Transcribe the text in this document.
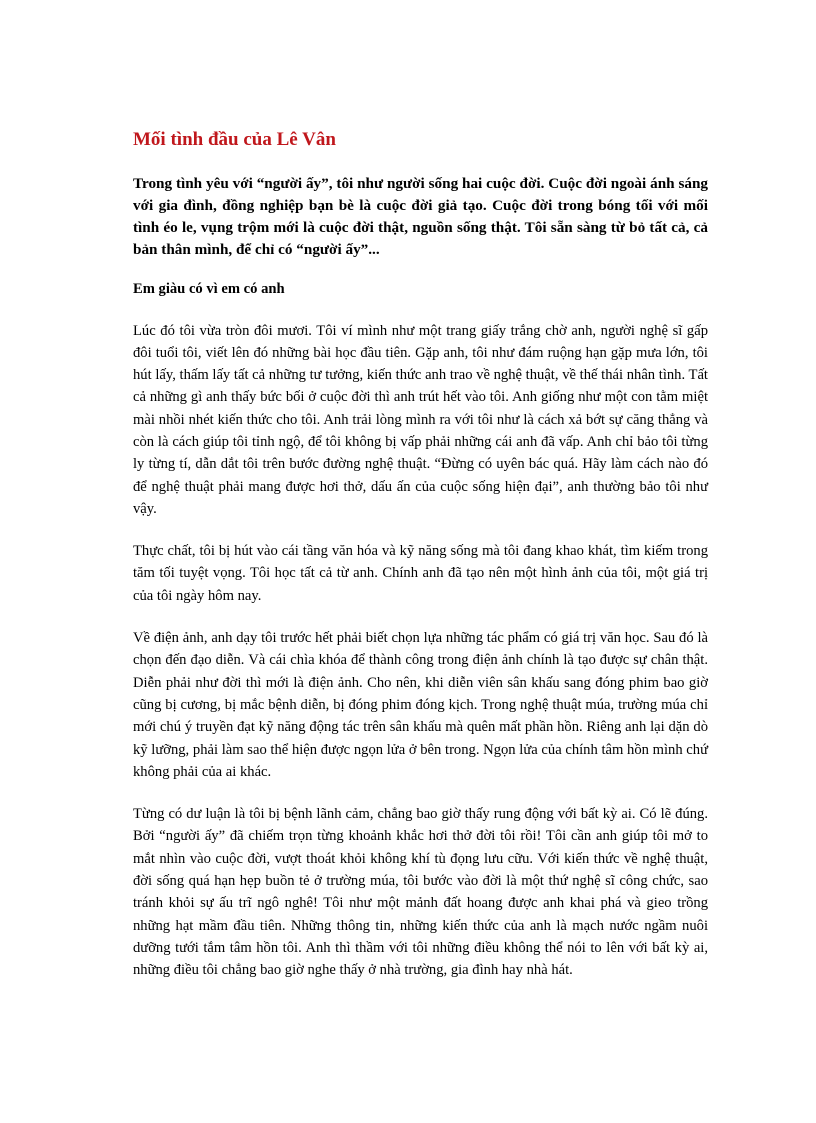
Mối tình đầu của Lê Vân

Trong tình yêu với “người ấy”, tôi như người sống hai cuộc đời. Cuộc đời ngoài ánh sáng với gia đình, đồng nghiệp bạn bè là cuộc đời giả tạo. Cuộc đời trong bóng tối với mối tình éo le, vụng trộm mới là cuộc đời thật, nguồn sống thật. Tôi sẵn sàng từ bỏ tất cả, cả bản thân mình, để chỉ có “người ấy”...

Em giàu có vì em có anh

Lúc đó tôi vừa tròn đôi mươi. Tôi ví mình như một trang giấy trắng chờ anh, người nghệ sĩ gấp đôi tuổi tôi, viết lên đó những bài học đầu tiên. Gặp anh, tôi như đám ruộng hạn gặp mưa lớn, tôi hút lấy, thấm lấy tất cả những tư tưởng, kiến thức anh trao về nghệ thuật, về thế thái nhân tình. Tất cả những gì anh thấy bức bối ở cuộc đời thì anh trút hết vào tôi. Anh giống như một con tằm miệt mài nhồi nhét kiến thức cho tôi. Anh trải lòng mình ra với tôi như là cách xả bớt sự căng thẳng và còn là cách giúp tôi tỉnh ngộ, để tôi không bị vấp phải những cái anh đã vấp. Anh chỉ bảo tôi từng ly từng tí, dẫn dắt tôi trên bước đường nghệ thuật. “Đừng có uyên bác quá. Hãy làm cách nào đó để nghệ thuật phải mang được hơi thở, dấu ấn của cuộc sống hiện đại”, anh thường bảo tôi như vậy.

Thực chất, tôi bị hút vào cái tầng văn hóa và kỹ năng sống mà tôi đang khao khát, tìm kiếm trong tăm tối tuyệt vọng. Tôi học tất cả từ anh. Chính anh đã tạo nên một hình ảnh của tôi, một giá trị của tôi ngày hôm nay.

Về điện ảnh, anh dạy tôi trước hết phải biết chọn lựa những tác phẩm có giá trị văn học. Sau đó là chọn đến đạo diễn. Và cái chìa khóa để thành công trong điện ảnh chính là tạo được sự chân thật. Diễn phải như đời thì mới là điện ảnh. Cho nên, khi diễn viên sân khấu sang đóng phim bao giờ cũng bị cương, bị mắc bệnh diễn, bị đóng phim đóng kịch. Trong nghệ thuật múa, trường múa chỉ mới chú ý truyền đạt kỹ năng động tác trên sân khấu mà quên mất phần hồn. Riêng anh lại dặn dò kỹ lưỡng, phải làm sao thể hiện được ngọn lửa ở bên trong. Ngọn lửa của chính tâm hồn mình chứ không phải của ai khác.

Từng có dư luận là tôi bị bệnh lãnh cảm, chẳng bao giờ thấy rung động với bất kỳ ai. Có lẽ đúng. Bởi “người ấy” đã chiếm trọn từng khoảnh khắc hơi thở đời tôi rồi! Tôi cần anh giúp tôi mở to mắt nhìn vào cuộc đời, vượt thoát khỏi không khí tù đọng lưu cữu. Với kiến thức về nghệ thuật, đời sống quá hạn hẹp buồn tẻ ở trường múa, tôi bước vào đời là một thứ nghệ sĩ công chức, sao tránh khỏi sự ấu trĩ ngô nghê! Tôi như một mảnh đất hoang được anh khai phá và gieo trồng những hạt mầm đầu tiên. Những thông tin, những kiến thức của anh là mạch nước ngầm nuôi dưỡng tưới tắm tâm hồn tôi. Anh thì thầm với tôi những điều không thể nói to lên với bất kỳ ai, những điều tôi chẳng bao giờ nghe thấy ở nhà trường, gia đình hay nhà hát.
